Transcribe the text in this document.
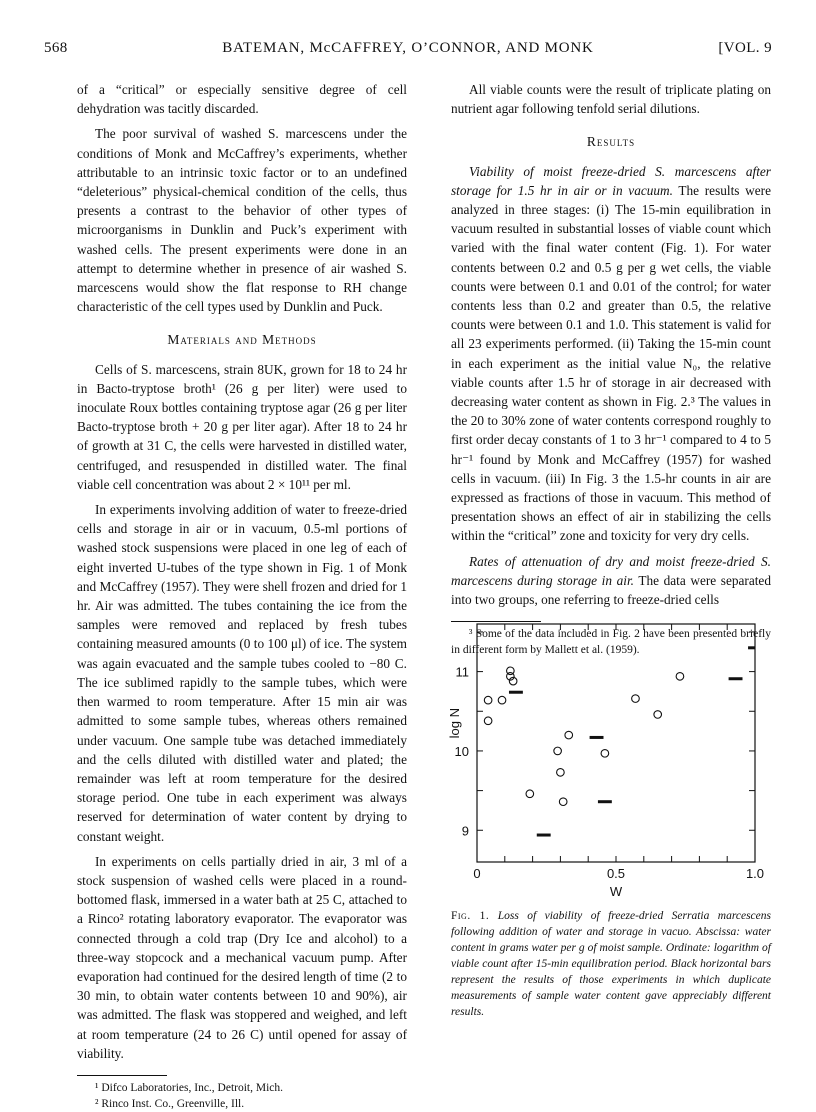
568	BATEMAN, McCAFFREY, O’CONNOR, AND MONK	[VOL. 9

of a “critical” or especially sensitive degree of cell dehydration was tacitly discarded.

The poor survival of washed S. marcescens under the conditions of Monk and McCaffrey’s experiments, whether attributable to an intrinsic toxic factor or to an undefined “deleterious” physical-chemical condition of the cells, thus presents a contrast to the behavior of other types of microorganisms in Dunklin and Puck’s experiment with washed cells. The present experiments were done in an attempt to determine whether in presence of air washed S. marcescens would show the flat response to RH change characteristic of the cell types used by Dunklin and Puck.

Materials and Methods

Cells of S. marcescens, strain 8UK, grown for 18 to 24 hr in Bacto-tryptose broth¹ (26 g per liter) were used to inoculate Roux bottles containing tryptose agar (26 g per liter Bacto-tryptose broth + 20 g per liter agar). After 18 to 24 hr of growth at 31 C, the cells were harvested in distilled water, centrifuged, and resuspended in distilled water. The final viable cell concentration was about 2 × 10¹¹ per ml.

In experiments involving addition of water to freeze-dried cells and storage in air or in vacuum, 0.5-ml portions of washed stock suspensions were placed in one leg of each of eight inverted U-tubes of the type shown in Fig. 1 of Monk and McCaffrey (1957). They were shell frozen and dried for 1 hr. Air was admitted. The tubes containing the ice from the samples were removed and replaced by fresh tubes containing measured amounts (0 to 100 μl) of ice. The system was again evacuated and the sample tubes cooled to −80 C. The ice sublimed rapidly to the sample tubes, which were then warmed to room temperature. After 15 min air was admitted to some sample tubes, whereas others remained under vacuum. One sample tube was detached immediately and the cells diluted with distilled water and plated; the remainder was left at room temperature for the desired storage period. One tube in each experiment was always reserved for determination of water content by drying to constant weight.

In experiments on cells partially dried in air, 3 ml of a stock suspension of washed cells were placed in a round-bottomed flask, immersed in a water bath at 25 C, attached to a Rinco² rotating laboratory evaporator. The evaporator was connected through a cold trap (Dry Ice and alcohol) to a three-way stopcock and a mechanical vacuum pump. After evaporation had continued for the desired length of time (2 to 30 min, to obtain water contents between 10 and 90%), air was admitted. The flask was stoppered and weighed, and left at room temperature (24 to 26 C) until opened for assay of viability.

¹ Difco Laboratories, Inc., Detroit, Mich.

² Rinco Inst. Co., Greenville, Ill.

All viable counts were the result of triplicate plating on nutrient agar following tenfold serial dilutions.

Results

Viability of moist freeze-dried S. marcescens after storage for 1.5 hr in air or in vacuum. The results were analyzed in three stages: (i) The 15-min equilibration in vacuum resulted in substantial losses of viable count which varied with the final water content (Fig. 1). For water contents between 0.2 and 0.5 g per g wet cells, the viable counts were between 0.1 and 0.01 of the control; for water contents less than 0.2 and greater than 0.5, the relative counts were between 0.1 and 1.0. This statement is valid for all 23 experiments performed. (ii) Taking the 15-min count in each experiment as the initial value N₀, the relative viable counts after 1.5 hr of storage in air decreased with decreasing water content as shown in Fig. 2.³ The values in the 20 to 30% zone of water contents correspond roughly to first order decay constants of 1 to 3 hr⁻¹ compared to 4 to 5 hr⁻¹ found by Monk and McCaffrey (1957) for washed cells in vacuum. (iii) In Fig. 3 the 1.5-hr counts in air are expressed as fractions of those in vacuum. This method of presentation shows an effect of air in stabilizing the cells within the “critical” zone and toxicity for very dry cells.

Rates of attenuation of dry and moist freeze-dried S. marcescens during storage in air. The data were separated into two groups, one referring to freeze-dried cells

³ Some of the data included in Fig. 2 have been presented briefly in different form by Mallett et al. (1959).

0	0.5	1.0
9
10
11
W
log N
Fig. 1. Loss of viability of freeze-dried Serratia marcescens following addition of water and storage in vacuo. Abscissa: water content in grams water per g of moist sample. Ordinate: logarithm of viable count after 15-min equilibration period. Black horizontal bars represent the results of those experiments in which duplicate measurements of sample water content gave appreciably different results.
